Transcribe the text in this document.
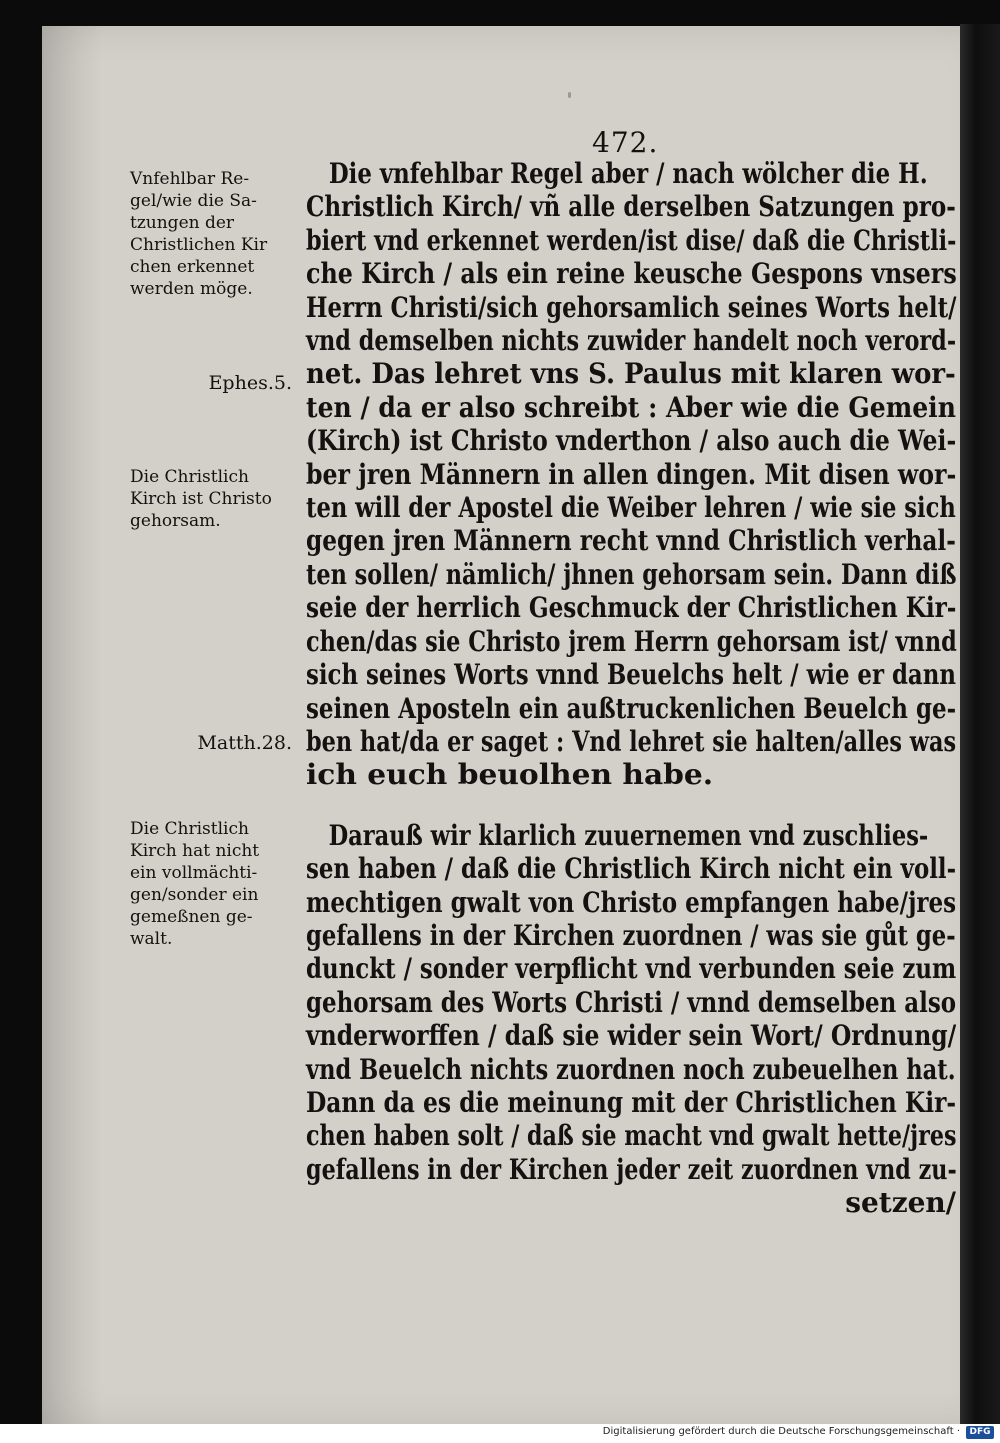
472.
Vnfehlbar Re-
gel/wie die Sa-
tzungen der
Christlichen Kir
chen erkennet
werden möge.
Ephes.5.
Die Christlich
Kirch ist Christo
gehorsam.
Matth.28.
Die Christlich
Kirch hat nicht
ein vollmächti-
gen/sonder ein
gemeßnen ge-
walt.
Die vnfehlbar Regel aber / nach wölcher die H.
Christlich Kirch/ vñ alle derselben Satzungen pro-
biert vnd erkennet werden/ist dise/ daß die Christli-
che Kirch / als ein reine keusche Gespons vnsers
Herrn Christi/sich gehorsamlich seines Worts helt/
vnd demselben nichts zuwider handelt noch verord-
net. Das lehret vns S. Paulus mit klaren wor-
ten / da er also schreibt : Aber wie die Gemein
(Kirch) ist Christo vnderthon / also auch die Wei-
ber jren Männern in allen dingen. Mit disen wor-
ten will der Apostel die Weiber lehren / wie sie sich
gegen jren Männern recht vnnd Christlich verhal-
ten sollen/ nämlich/ jhnen gehorsam sein. Dann diß
seie der herrlich Geschmuck der Christlichen Kir-
chen/das sie Christo jrem Herrn gehorsam ist/ vnnd
sich seines Worts vnnd Beuelchs helt / wie er dann
seinen Aposteln ein außtruckenlichen Beuelch ge-
ben hat/da er saget : Vnd lehret sie halten/alles was
ich euch beuolhen habe.
Darauß wir klarlich zuuernemen vnd zuschlies-
sen haben / daß die Christlich Kirch nicht ein voll-
mechtigen gwalt von Christo empfangen habe/jres
gefallens in der Kirchen zuordnen / was sie gůt ge-
dunckt / sonder verpflicht vnd verbunden seie zum
gehorsam des Worts Christi / vnnd demselben also
vnderworffen / daß sie wider sein Wort/ Ordnung/
vnd Beuelch nichts zuordnen noch zubeuelhen hat.
Dann da es die meinung mit der Christlichen Kir-
chen haben solt / daß sie macht vnd gwalt hette/jres
gefallens in der Kirchen jeder zeit zuordnen vnd zu-
setzen/
Digitalisierung gefördert durch die Deutsche Forschungsgemeinschaft ·	DFG
